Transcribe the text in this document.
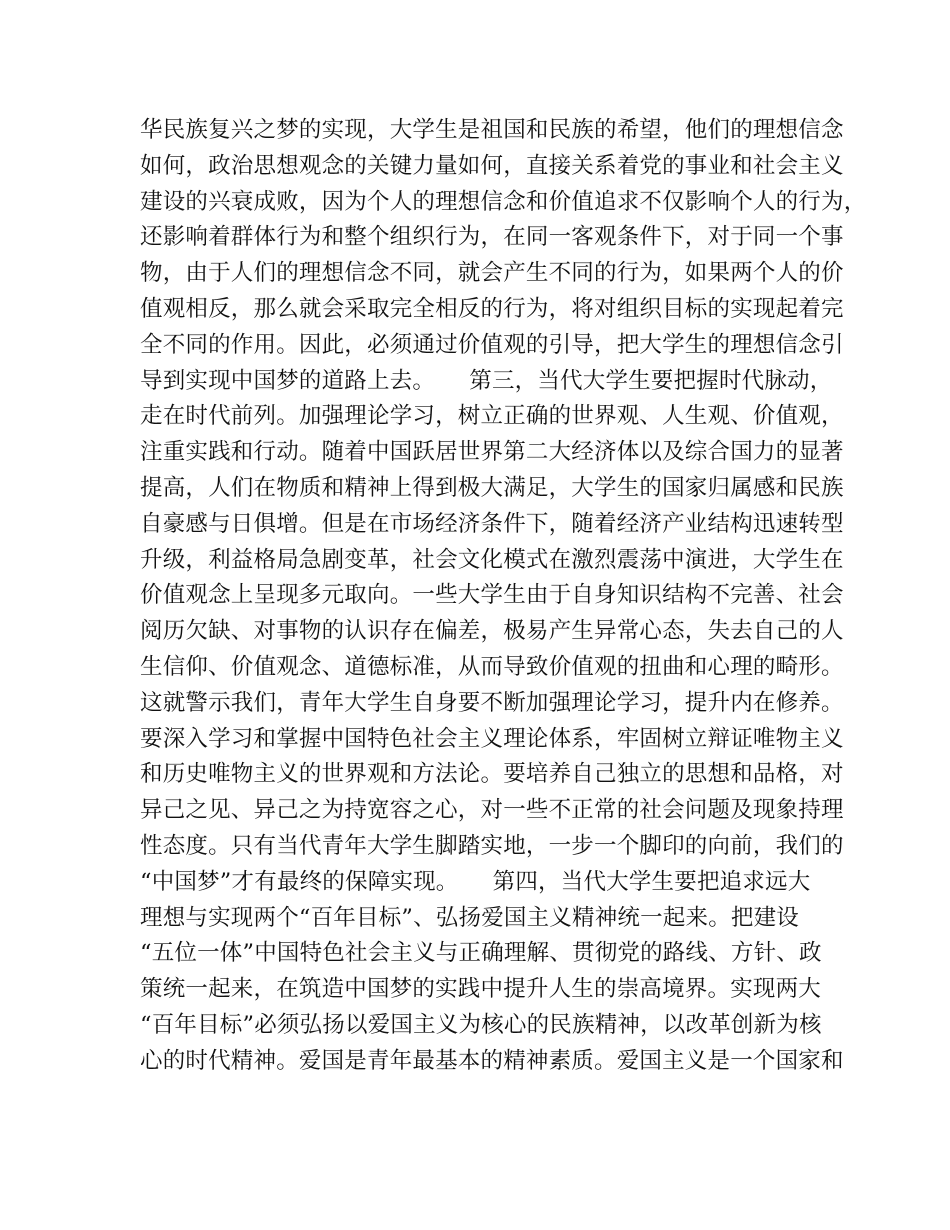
华民族复兴之梦的实现，大学生是祖国和民族的希望，他们的理想信念
如何，政治思想观念的关键力量如何，直接关系着党的事业和社会主义
建设的兴衰成败，因为个人的理想信念和价值追求不仅影响个人的行为，
还影响着群体行为和整个组织行为，在同一客观条件下，对于同一个事
物，由于人们的理想信念不同，就会产生不同的行为，如果两个人的价
值观相反，那么就会采取完全相反的行为，将对组织目标的实现起着完
全不同的作用。因此，必须通过价值观的引导，把大学生的理想信念引
导到实现中国梦的道路上去。　　第三，当代大学生要把握时代脉动，
走在时代前列。加强理论学习，树立正确的世界观、人生观、价值观，
注重实践和行动。随着中国跃居世界第二大经济体以及综合国力的显著
提高，人们在物质和精神上得到极大满足，大学生的国家归属感和民族
自豪感与日俱增。但是在市场经济条件下，随着经济产业结构迅速转型
升级，利益格局急剧变革，社会文化模式在激烈震荡中演进，大学生在
价值观念上呈现多元取向。一些大学生由于自身知识结构不完善、社会
阅历欠缺、对事物的认识存在偏差，极易产生异常心态，失去自己的人
生信仰、价值观念、道德标准，从而导致价值观的扭曲和心理的畸形。
这就警示我们，青年大学生自身要不断加强理论学习，提升内在修养。
要深入学习和掌握中国特色社会主义理论体系，牢固树立辩证唯物主义
和历史唯物主义的世界观和方法论。要培养自己独立的思想和品格，对
异己之见、异己之为持宽容之心，对一些不正常的社会问题及现象持理
性态度。只有当代青年大学生脚踏实地，一步一个脚印的向前，我们的
“中国梦”才有最终的保障实现。　　第四，当代大学生要把追求远大
理想与实现两个“百年目标”、弘扬爱国主义精神统一起来。把建设
“五位一体”中国特色社会主义与正确理解、贯彻党的路线、方针、政
策统一起来，在筑造中国梦的实践中提升人生的崇高境界。实现两大
“百年目标”必须弘扬以爱国主义为核心的民族精神，以改革创新为核
心的时代精神。爱国是青年最基本的精神素质。爱国主义是一个国家和
